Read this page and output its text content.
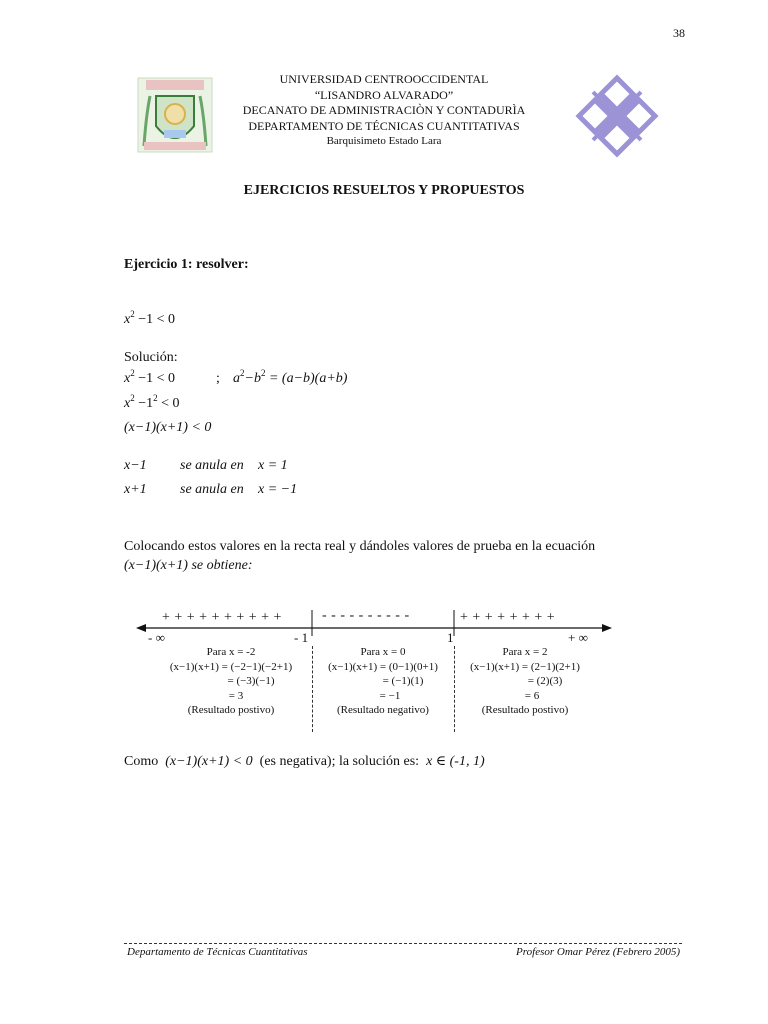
38
UNIVERSIDAD CENTROOCCIDENTAL
“LISANDRO ALVARADO”
DECANATO DE ADMINISTRACIÒN Y CONTADURÌA
DEPARTAMENTO DE TÉCNICAS CUANTITATIVAS
Barquisimeto Estado Lara
EJERCICIOS RESUELTOS Y PROPUESTOS
Ejercicio 1: resolver:
$x^2 -1 < 0$
Solución:
$x^2 -1 < 0$	; $a^2-b^2 = (a-b)(a+b)$
$x^2 -1^2 < 0$
(x−1)(x+1) < 0
x−1 se anula en x = 1
x+1 se anula en x = −1
Colocando estos valores en la recta real y dándoles valores de prueba en la ecuación
(x−1)(x+1) se obtiene:
+ + + + + + + + + +	- - - - - - - - - -	+ + + + + + + +
- ∞	- 1	1	+ ∞
Para x = -2
(x−1)(x+1) = (−2−1)(−2+1)
= (−3)(−1)
= 3
(Resultado postivo)
Para x = 0
(x−1)(x+1) = (0−1)(0+1)
= (−1)(1)
= −1
(Resultado negativo)
Para x = 2
(x−1)(x+1) = (2−1)(2+1)
= (2)(3)
= 6
(Resultado postivo)
Como (x−1)(x+1) < 0 (es negativa); la solución es: x ∈ (-1, 1)
Departamento de Técnicas Cuantitativas	Profesor Omar Pérez (Febrero 2005)
